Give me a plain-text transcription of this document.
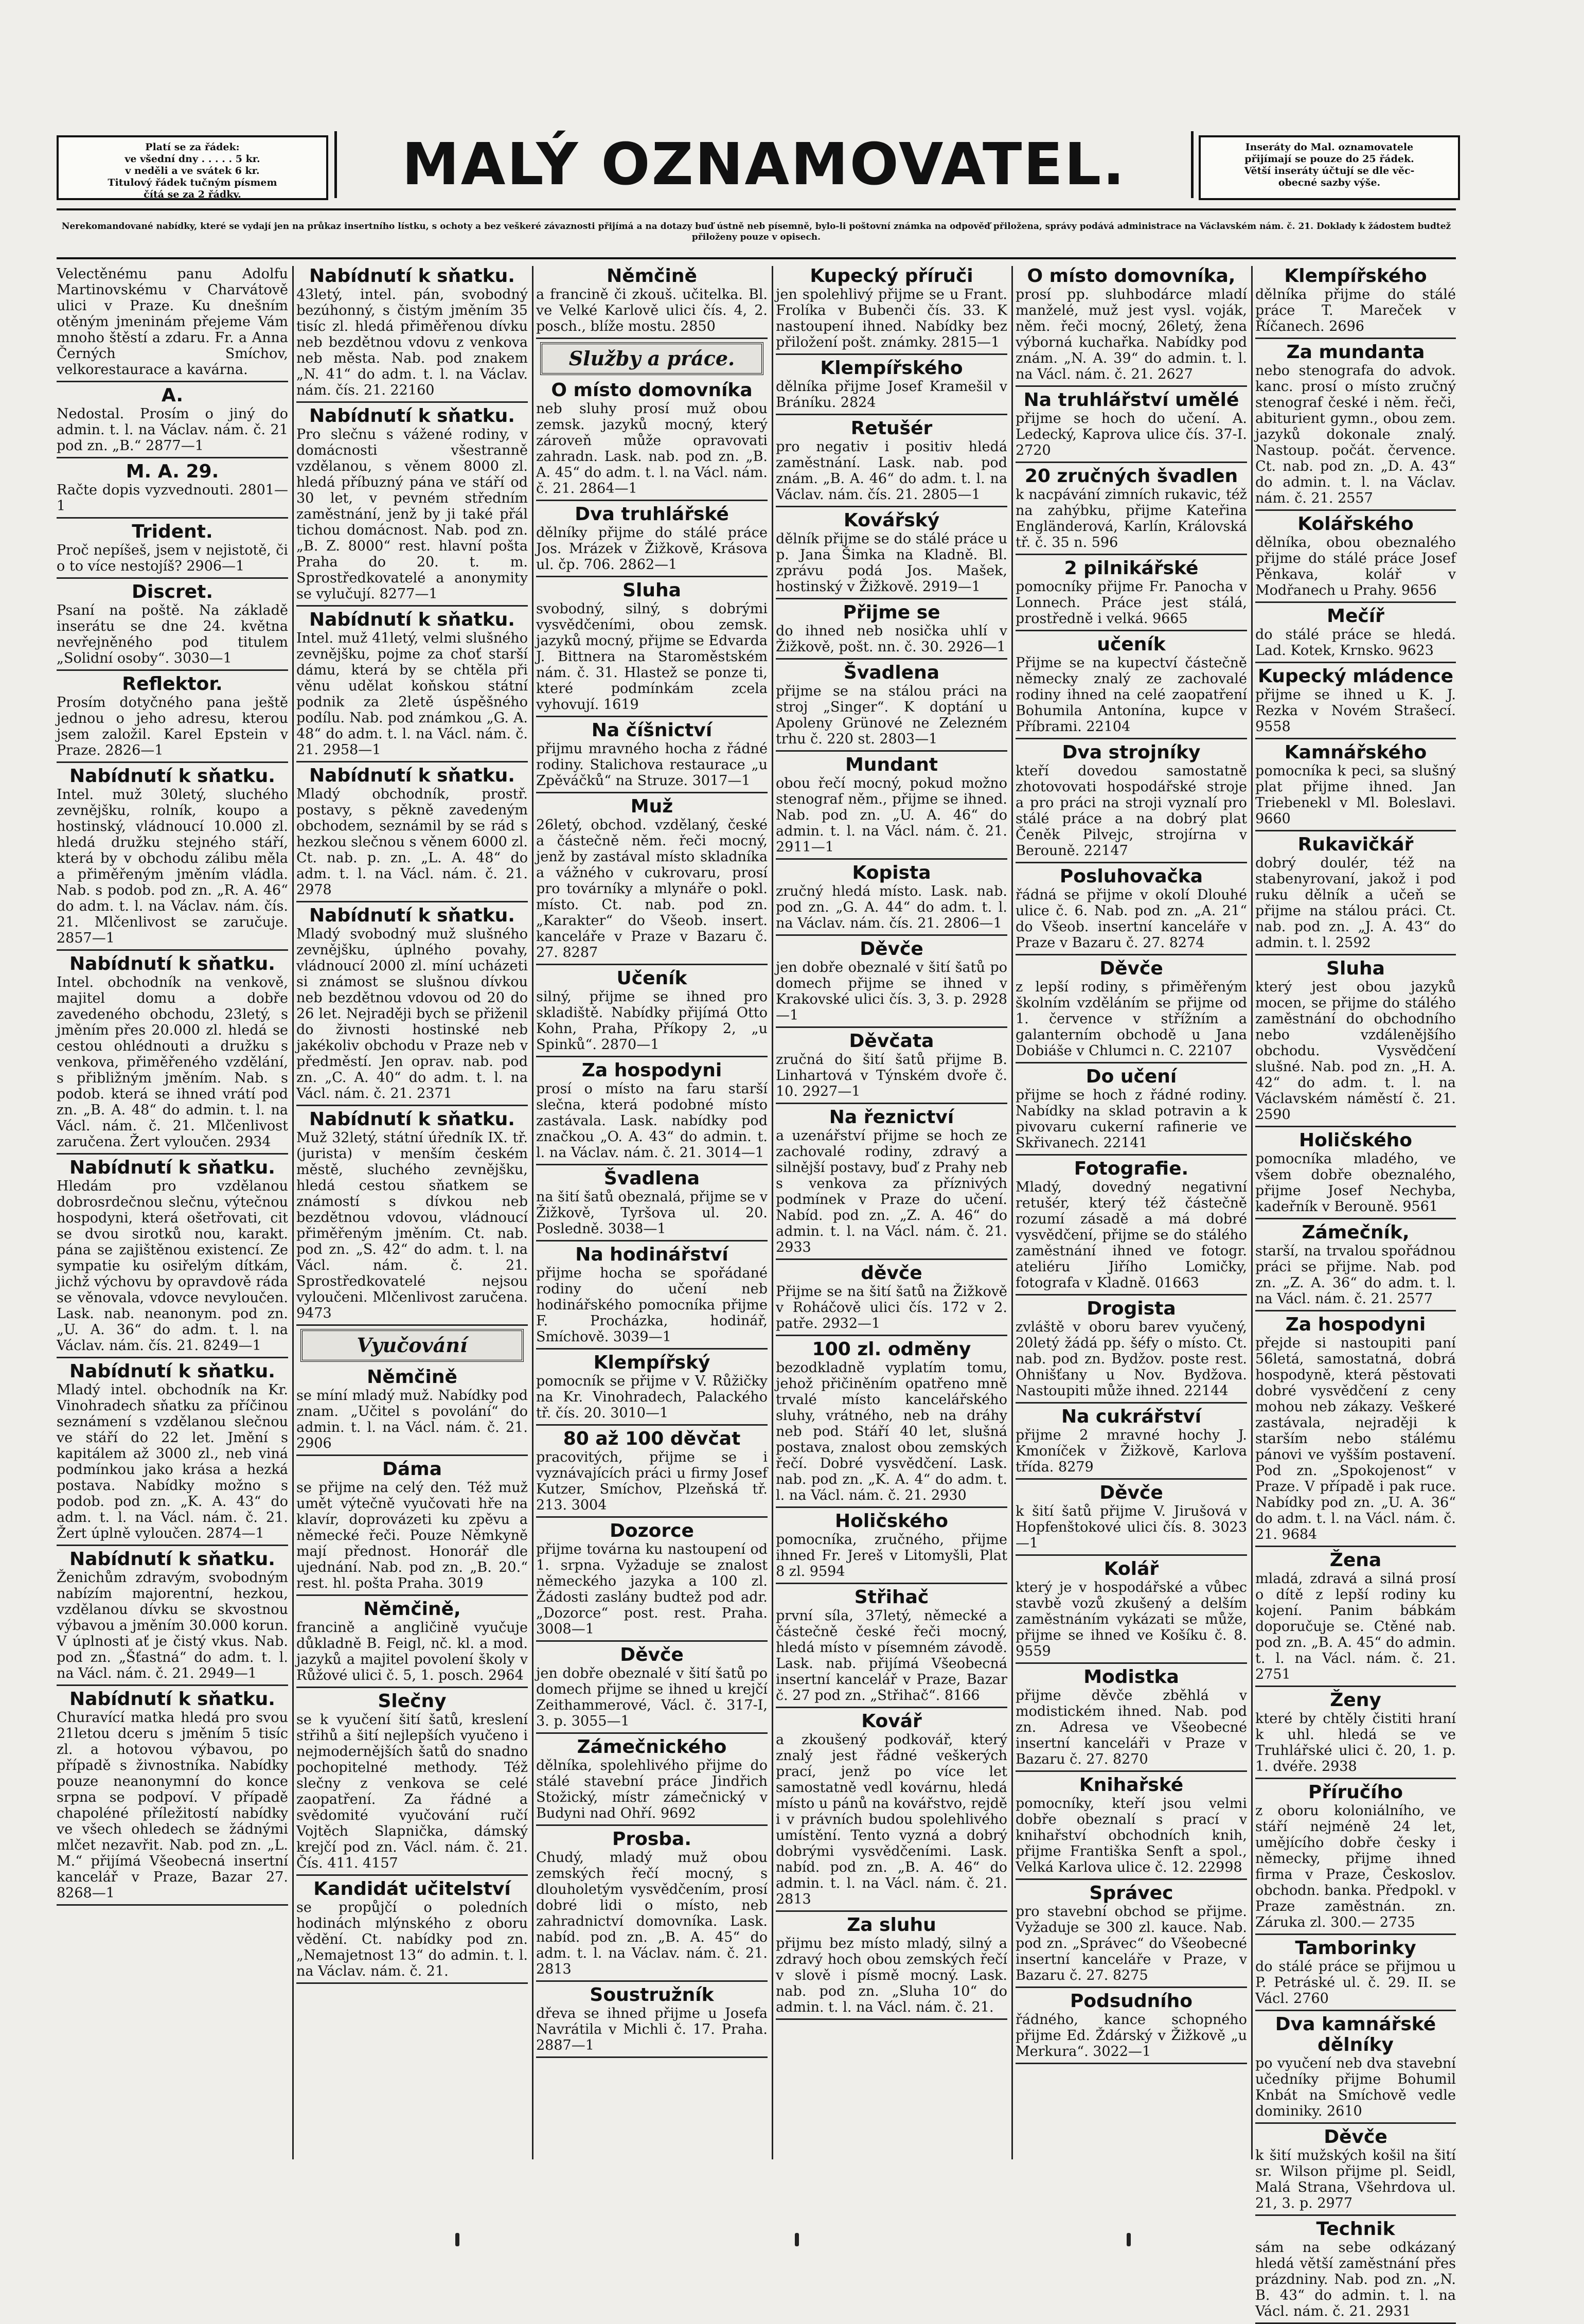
Platí se za řádek:
ve všední dny . . . . . 5 kr.
v neděli a ve svátek 6 kr.
Titulový řádek tučným písmem
čítá se za 2 řádky.	MALÝ OZNAMOVATEL.	Inseráty do Mal. oznamovatele
přijímají se pouze do 25 řádek.
Větší inseráty účtují se dle věc-
obecné sazby výše.
Nerekomandované nabídky, které se vydají jen na průkaz insertního lístku, s ochoty a bez veškeré závaznosti přijímá a na dotazy buď ústně neb písemně, bylo-li poštovní známka na odpověď přiložena, správy podává administrace na Václavském nám. č. 21. Doklady k žádostem budtež přiloženy pouze v opisech.
Velectěnému panu Adolfu Martinovskému v Charvátově ulici v Praze. Ku dnešním otěným jmeninám přejeme Vám mnoho štěstí a zdaru. Fr. a Anna Černých Smíchov, velkorestaurace a kavárna.
A.
Nedostal. Prosím o jiný do admin. t. l. na Václav. nám. č. 21 pod zn. „B.“ 2877—1
M. A. 29.
Račte dopis vyzvednouti. 2801—1
Trident.
Proč nepíšeš, jsem v nejistotě, či o to více nestojíš? 2906—1
Discret.
Psaní na poště. Na základě inserátu se dne 24. května nevřejněného pod titulem „Solidní osoby“. 3030—1
Reflektor.
Prosím dotyčného pana ještě jednou o jeho adresu, kterou jsem založil. Karel Epstein v Praze. 2826—1
Nabídnutí k sňatku.
Intel. muž 30letý, sluchého zevnějšku, rolník, koupo a hostinský, vládnoucí 10.000 zl. hledá družku stejného stáří, která by v obchodu zálibu měla a přiměřeným jměním vládla. Nab. s podob. pod zn. „R. A. 46“ do adm. t. l. na Václav. nám. čís. 21. Mlčenlivost se zaručuje. 2857—1
Nabídnutí k sňatku.
Intel. obchodník na venkově, majitel domu a dobře zavedeného obchodu, 23letý, s jměním přes 20.000 zl. hledá se cestou ohlédnouti a družku s venkova, přiměřeného vzdělání, s přibližným jměním. Nab. s podob. která se ihned vrátí pod zn. „B. A. 48“ do admin. t. l. na Václ. nám. č. 21. Mlčenlivost zaručena. Žert vyloučen. 2934
Nabídnutí k sňatku.
Hledám pro vzdělanou dobrosrdečnou slečnu, výtečnou hospodyni, která ošetřovati, cit se dvou sirotků nou, karakt. pána se zajištěnou existencí. Ze sympatie ku osiřelým dítkám, jichž výchovu by opravdově ráda se věnovala, vdovce nevyloučen. Lask. nab. neanonym. pod zn. „U. A. 36“ do adm. t. l. na Václav. nám. čís. 21. 8249—1
Nabídnutí k sňatku.
Mladý intel. obchodník na Kr. Vinohradech sňatku za příčinou seznámení s vzdělanou slečnou ve stáří do 22 let. Jmění s kapitálem až 3000 zl., neb viná podmínkou jako krása a hezká postava. Nabídky možno s podob. pod zn. „K. A. 43“ do adm. t. l. na Václ. nám. č. 21. Žert úplně vyloučen. 2874—1
Nabídnutí k sňatku.
Ženichům zdravým, svobodným nabízím majorentní, hezkou, vzdělanou dívku se skvostnou výbavou a jměním 30.000 korun. V úplnosti ať je čistý vkus. Nab. pod zn. „Šťastná“ do adm. t. l. na Václ. nám. č. 21. 2949—1
Nabídnutí k sňatku.
Churavící matka hledá pro svou 21letou dceru s jměním 5 tisíc zl. a hotovou výbavou, po případě s živnostníka. Nabídky pouze neanonymní do konce srpna se podpoví. V případě chapoléné příležitostí nabídky ve všech ohledech se žádnými mlčet nezavřit. Nab. pod zn. „L. M.“ přijímá Všeobecná insertní kancelář v Praze, Bazar 27. 8268—1
Nabídnutí k sňatku.
43letý, intel. pán, svobodný bezúhonný, s čistým jměním 35 tisíc zl. hledá přiměřenou dívku neb bezdětnou vdovu z venkova neb města. Nab. pod znakem „N. 41“ do adm. t. l. na Václav. nám. čís. 21. 22160
Nabídnutí k sňatku.
Pro slečnu s vážené rodiny, v domácnosti všestranně vzdělanou, s věnem 8000 zl. hledá příbuzný pána ve stáří od 30 let, v pevném středním zaměstnání, jenž by ji také přál tichou domácnost. Nab. pod zn. „B. Z. 8000“ rest. hlavní pošta Praha do 20. t. m. Sprostředkovatelé a anonymity se vylučují. 8277—1
Nabídnutí k sňatku.
Intel. muž 41letý, velmi slušného zevnějšku, pojme za choť starší dámu, která by se chtěla při věnu udělat koňskou státní podnik za 2letě úspěšného podílu. Nab. pod známkou „G. A. 48“ do adm. t. l. na Václ. nám. č. 21. 2958—1
Nabídnutí k sňatku.
Mladý obchodník, prostř. postavy, s pěkně zavedeným obchodem, seznámil by se rád s hezkou slečnou s věnem 6000 zl. Ct. nab. p. zn. „L. A. 48“ do adm. t. l. na Václ. nám. č. 21. 2978
Nabídnutí k sňatku.
Mladý svobodný muž slušného zevnějšku, úplného povahy, vládnoucí 2000 zl. míní ucházeti si známost se slušnou dívkou neb bezdětnou vdovou od 20 do 26 let. Nejraději bych se přiženil do živnosti hostinské neb jakékoliv obchodu v Praze neb v předměstí. Jen oprav. nab. pod zn. „C. A. 40“ do adm. t. l. na Václ. nám. č. 21. 2371
Nabídnutí k sňatku.
Muž 32letý, státní úředník IX. tř. (jurista) v menším českém městě, sluchého zevnějšku, hledá cestou sňatkem se známostí s dívkou neb bezdětnou vdovou, vládnoucí přiměřeným jměním. Ct. nab. pod zn. „S. 42“ do adm. t. l. na Václ. nám. č. 21. Sprostředkovatelé nejsou vyloučeni. Mlčenlivost zaručena. 9473
Vyučování
Němčině
se míní mladý muž. Nabídky pod znam. „Učitel s povolání“ do admin. t. l. na Václ. nám. č. 21. 2906
Dáma
se přijme na celý den. Též muž umět výtečně vyučovati hře na klavír, doprovázeti ku zpěvu a německé řeči. Pouze Němkyně mají přednost. Honorář dle ujednání. Nab. pod zn. „B. 20.“ rest. hl. pošta Praha. 3019
Němčině,
francině a angličině vyučuje důkladně B. Feigl, nč. kl. a mod. jazyků a majitel povolení školy v Růžové ulici č. 5, 1. posch. 2964
Slečny
se k vyučení šití šatů, kreslení střihů a šití nejlepších vyučeno i nejmodernějších šatů do snadno pochopitelné methody. Též slečny z venkova se celé zaopatření. Za řádné a svědomité vyučování ručí Vojtěch Slapnička, dámský krejčí pod zn. Václ. nám. č. 21. Čís. 411. 4157
Kandidát učitelství
se propůjčí o poledních hodinách mlýnského z oboru vědění. Ct. nabídky pod zn. „Nemajetnost 13“ do admin. t. l. na Václav. nám. č. 21.
Němčině
a francině či zkouš. učitelka. Bl. ve Velké Karlově ulici čís. 4, 2. posch., blíže mostu. 2850
Služby a práce.
O místo domovníka
neb sluhy prosí muž obou zemsk. jazyků mocný, který zároveň může opravovati zahradn. Lask. nab. pod zn. „B. A. 45“ do adm. t. l. na Václ. nám. č. 21. 2864—1
Dva truhlářské
dělníky přijme do stálé práce Jos. Mrázek v Žižkově, Krásova ul. čp. 706. 2862—1
Sluha
svobodný, silný, s dobrými vysvědčeními, obou zemsk. jazyků mocný, přijme se Edvarda J. Bittnera na Staroměstském nám. č. 31. Hlastež se ponze ti, které podmínkám zcela vyhovují. 1619
Na číšnictví
přijmu mravného hocha z řádné rodiny. Stalichova restaurace „u Zpěváčků“ na Struze. 3017—1
Muž
26letý, obchod. vzdělaný, české a částečně něm. řeči mocný, jenž by zastával místo skladníka a vážného v cukrovaru, prosí pro továrníky a mlynáře o pokl. místo. Ct. nab. pod zn. „Karakter“ do Všeob. insert. kanceláře v Praze v Bazaru č. 27. 8287
Učeník
silný, přijme se ihned pro skladiště. Nabídky přijímá Otto Kohn, Praha, Příkopy 2, „u Spinků“. 2870—1
Za hospodyni
prosí o místo na faru starší slečna, která podobné místo zastávala. Lask. nabídky pod značkou „O. A. 43“ do admin. t. l. na Václav. nám. č. 21. 3014—1
Švadlena
na šití šatů obeznalá, přijme se v Žižkově, Tyršova ul. 20. Posledně. 3038—1
Na hodinářství
přijme hocha se spořádané rodiny do učení neb hodinářského pomocníka přijme F. Procházka, hodinář, Smíchově. 3039—1
Klempířský
pomocník se přijme v V. Růžičky na Kr. Vinohradech, Palackého tř. čís. 20. 3010—1
80 až 100 děvčat
pracovitých, přijme se i vyznávajících práci u firmy Josef Kutzer, Smíchov, Plzeňská tř. 213. 3004
Dozorce
přijme továrna ku nastoupení od 1. srpna. Vyžaduje se znalost německého jazyka a 100 zl. Žádosti zaslány budtež pod adr. „Dozorce“ post. rest. Praha. 3008—1
Děvče
jen dobře obeznalé v šití šatů po domech přijme se ihned u krejčí Zeithammerové, Václ. č. 317-I, 3. p. 3055—1
Zámečnického
dělníka, spolehlivého přijme do stálé stavební práce Jindřich Stožický, místr zámečnický v Budyni nad Ohří. 9692
Prosba.
Chudý, mladý muž obou zemských řečí mocný, s dlouholetým vysvědčením, prosí dobré lidi o místo, neb zahradnictví domovníka. Lask. nabíd. pod zn. „B. A. 45“ do adm. t. l. na Václav. nám. č. 21. 2813
Soustružník
dřeva se ihned přijme u Josefa Navrátila v Michli č. 17. Praha. 2887—1
Kupecký příruči
jen spolehlivý přijme se u Frant. Frolíka v Bubenči čís. 33. K nastoupení ihned. Nabídky bez přiložení pošt. známky. 2815—1
Klempířského
dělníka přijme Josef Kramešil v Bráníku. 2824
Retušér
pro negativ i positiv hledá zaměstnání. Lask. nab. pod znám. „B. A. 46“ do adm. t. l. na Václav. nám. čís. 21. 2805—1
Kovářský
dělník přijme se do stálé práce u p. Jana Šimka na Kladně. Bl. zprávu podá Jos. Mašek, hostinský v Žižkově. 2919—1
Přijme se
do ihned neb nosička uhlí v Žižkově, pošt. nn. č. 30. 2926—1
Švadlena
přijme se na stálou práci na stroj „Singer“. K doptání u Apoleny Grünové ne Zelezném trhu č. 220 st. 2803—1
Mundant
obou řečí mocný, pokud možno stenograf něm., přijme se ihned. Nab. pod zn. „U. A. 46“ do admin. t. l. na Václ. nám. č. 21. 2911—1
Kopista
zručný hledá místo. Lask. nab. pod zn. „G. A. 44“ do adm. t. l. na Václav. nám. čís. 21. 2806—1
Děvče
jen dobře obeznalé v šití šatů po domech přijme se ihned v Krakovské ulici čís. 3, 3. p. 2928—1
Děvčata
zručná do šití šatů přijme B. Linhartová v Týnském dvoře č. 10. 2927—1
Na řeznictví
a uzenářství přijme se hoch ze zachovalé rodiny, zdravý a silnější postavy, buď z Prahy neb s venkova za příznivých podmínek v Praze do učení. Nabíd. pod zn. „Z. A. 46“ do admin. t. l. na Václ. nám. č. 21. 2933
děvče
Přijme se na šití šatů na Žižkově v Roháčově ulici čís. 172 v 2. patře. 2932—1
100 zl. odměny
bezodkladně vyplatím tomu, jehož přičiněním opatřeno mně trvalé místo kancelářského sluhy, vrátného, neb na dráhy neb pod. Stáří 40 let, slušná postava, znalost obou zemských řečí. Dobré vysvědčení. Lask. nab. pod zn. „K. A. 4“ do adm. t. l. na Václ. nám. č. 21. 2930
Holičského
pomocníka, zručného, přijme ihned Fr. Jereš v Litomyšli, Plat 8 zl. 9594
Střihač
první síla, 37letý, německé a částečně české řeči mocný, hledá místo v písemném závodě. Lask. nab. přijímá Všeobecná insertní kancelář v Praze, Bazar č. 27 pod zn. „Střihač“. 8166
Kovář
a zkoušený podkovář, který znalý jest řádné veškerých prací, jenž po více let samostatně vedl kovárnu, hledá místo u pánů na kovářstvo, rejdě i v právních budou spolehlivého umístění. Tento vyzná a dobrý dobrými vysvědčeními. Lask. nabíd. pod zn. „B. A. 46“ do admin. t. l. na Václ. nám. č. 21. 2813
Za sluhu
přijmu bez místo mladý, silný a zdravý hoch obou zemských řečí v slově i písmě mocný. Lask. nab. pod zn. „Sluha 10“ do admin. t. l. na Václ. nám. č. 21.
O místo domovníka,
prosí pp. sluhbodárce mladí manželé, muž jest vysl. voják, něm. řeči mocný, 26letý, žena výborná kuchařka. Nabídky pod znám. „N. A. 39“ do admin. t. l. na Václ. nám. č. 21. 2627
Na truhlářství umělé
přijme se hoch do učení. A. Ledecký, Kaprova ulice čís. 37-I. 2720
20 zručných švadlen
k nacpávání zimních rukavic, též na zahýbku, přijme Kateřina Engländerová, Karlín, Královská tř. č. 35 n. 596
2 pilnikářské
pomocníky přijme Fr. Panocha v Lonnech. Práce jest stálá, prostředně i velká. 9665
učeník
Přijme se na kupectví částečně německy znalý ze zachovalé rodiny ihned na celé zaopatření Bohumila Antonína, kupce v Příbrami. 22104
Dva strojníky
kteří dovedou samostatně zhotovovati hospodářské stroje a pro práci na stroji vyznalí pro stálé práce a na dobrý plat Čeněk Pilvejc, strojírna v Berouně. 22147
Posluhovačka
řádná se přijme v okolí Dlouhé ulice č. 6. Nab. pod zn. „A. 21“ do Všeob. insertní kanceláře v Praze v Bazaru č. 27. 8274
Děvče
z lepší rodiny, s přiměřeným školním vzděláním se přijme od 1. července v střížním a galanterním obchodě u Jana Dobiáše v Chlumci n. C. 22107
Do učení
přijme se hoch z řádné rodiny. Nabídky na sklad potravin a k pivovaru cukerní rafinerie ve Skřivanech. 22141
Fotografie.
Mladý, dovedný negativní retušér, který též částečně rozumí zásadě a má dobré vysvědčení, přijme se do stálého zaměstnání ihned ve fotogr. ateliéru Jiřího Lomičky, fotografa v Kladně. 01663
Drogista
zvláště v oboru barev vyučený, 20letý žádá pp. šéfy o místo. Ct. nab. pod zn. Bydžov. poste rest. Ohnišťany u Nov. Bydžova. Nastoupiti může ihned. 22144
Na cukrářství
přijme 2 mravné hochy J. Kmoníček v Žižkově, Karlova třída. 8279
Děvče
k šití šatů přijme V. Jirušová v Hopfenštokové ulici čís. 8. 3023—1
Kolář
který je v hospodářské a vůbec stavbě vozů zkušený a delším zaměstnáním vykázati se může, přijme se ihned ve Košíku č. 8. 9559
Modistka
přijme děvče zběhlá v modistickém ihned. Nab. pod zn. Adresa ve Všeobecné insertní kanceláři v Praze v Bazaru č. 27. 8270
Knihařské
pomocníky, kteří jsou velmi dobře obeznalí s prací v knihařství obchodních knih, přijme Františka Senft a spol., Velká Karlova ulice č. 12. 22998
Správec
pro stavební obchod se přijme. Vyžaduje se 300 zl. kauce. Nab. pod zn. „Správec“ do Všeobecné insertní kanceláře v Praze, v Bazaru č. 27. 8275
Podsudního
řádného, kance schopného přijme Ed. Ždárský v Žižkově „u Merkura“. 3022—1
Klempířského
dělníka přijme do stálé práce T. Mareček v Říčanech. 2696
Za mundanta
nebo stenografa do advok. kanc. prosí o místo zručný stenograf české i něm. řeči, abiturient gymn., obou zem. jazyků dokonale znalý. Nastoup. počát. července. Ct. nab. pod zn. „D. A. 43“ do admin. t. l. na Václav. nám. č. 21. 2557
Kolářského
dělníka, obou obeznalého přijme do stálé práce Josef Pěnkava, kolář v Modřanech u Prahy. 9656
Mečíř
do stálé práce se hledá. Lad. Kotek, Krnsko. 9623
Kupecký mládence
přijme se ihned u K. J. Rezka v Novém Strašecí. 9558
Kamnářského
pomocníka k peci, sa slušný plat přijme ihned. Jan Triebenekl v Ml. Boleslavi. 9660
Rukavičkář
dobrý doulér, též na stabenyrovaní, jakož i pod ruku dělník a učeň se přijme na stálou práci. Ct. nab. pod zn. „J. A. 43“ do admin. t. l. 2592
Sluha
který jest obou jazyků mocen, se přijme do stálého zaměstnání do obchodního nebo vzdálenějšího obchodu. Vysvědčení slušné. Nab. pod zn. „H. A. 42“ do adm. t. l. na Václavském náměstí č. 21. 2590
Holičského
pomocníka mladého, ve všem dobře obeznalého, přijme Josef Nechyba, kadeřník v Berouně. 9561
Zámečník,
starší, na trvalou spořádnou práci se přijme. Nab. pod zn. „Z. A. 36“ do adm. t. l. na Václ. nám. č. 21. 2577
Za hospodyni
přejde si nastoupiti paní 56letá, samostatná, dobrá hospodyně, která pěstovati dobré vysvědčení z ceny mohou neb zákazy. Veškeré zastávala, nejraději k starším nebo stálému pánovi ve vyšším postavení. Pod zn. „Spokojenost“ v Praze. V případě i pak ruce. Nabídky pod zn. „U. A. 36“ do adm. t. l. na Václ. nám. č. 21. 9684
Žena
mladá, zdravá a silná prosí o dítě z lepší rodiny ku kojení. Panim bábkám doporučuje se. Ctěné nab. pod zn. „B. A. 45“ do admin. t. l. na Václ. nám. č. 21. 2751
Ženy
které by chtěly čistiti hraní k uhl. hledá se ve Truhlářské ulici č. 20, 1. p. 1. dvéře. 2938
Příručího
z oboru koloniálního, ve stáří nejméně 24 let, umějícího dobře česky i německy, přijme ihned firma v Praze, Českoslov. obchodn. banka. Předpokl. v Praze zaměstnán. zn. Záruka zl. 300.— 2735
Tamborinky
do stálé práce se přijmou u P. Petráské ul. č. 29. II. se Václ. 2760
Dva kamnářské dělníky
po vyučení neb dva stavební učedníky přijme Bohumil Knbát na Smíchově vedle dominiky. 2610
Děvče
k šití mužských košil na šití sr. Wilson přijme pl. Seidl, Malá Strana, Všehrdova ul. 21, 3. p. 2977
Technik
sám na sebe odkázaný hledá větší zaměstnání přes prázdniny. Nab. pod zn. „N. B. 43“ do admin. t. l. na Václ. nám. č. 21. 2931
